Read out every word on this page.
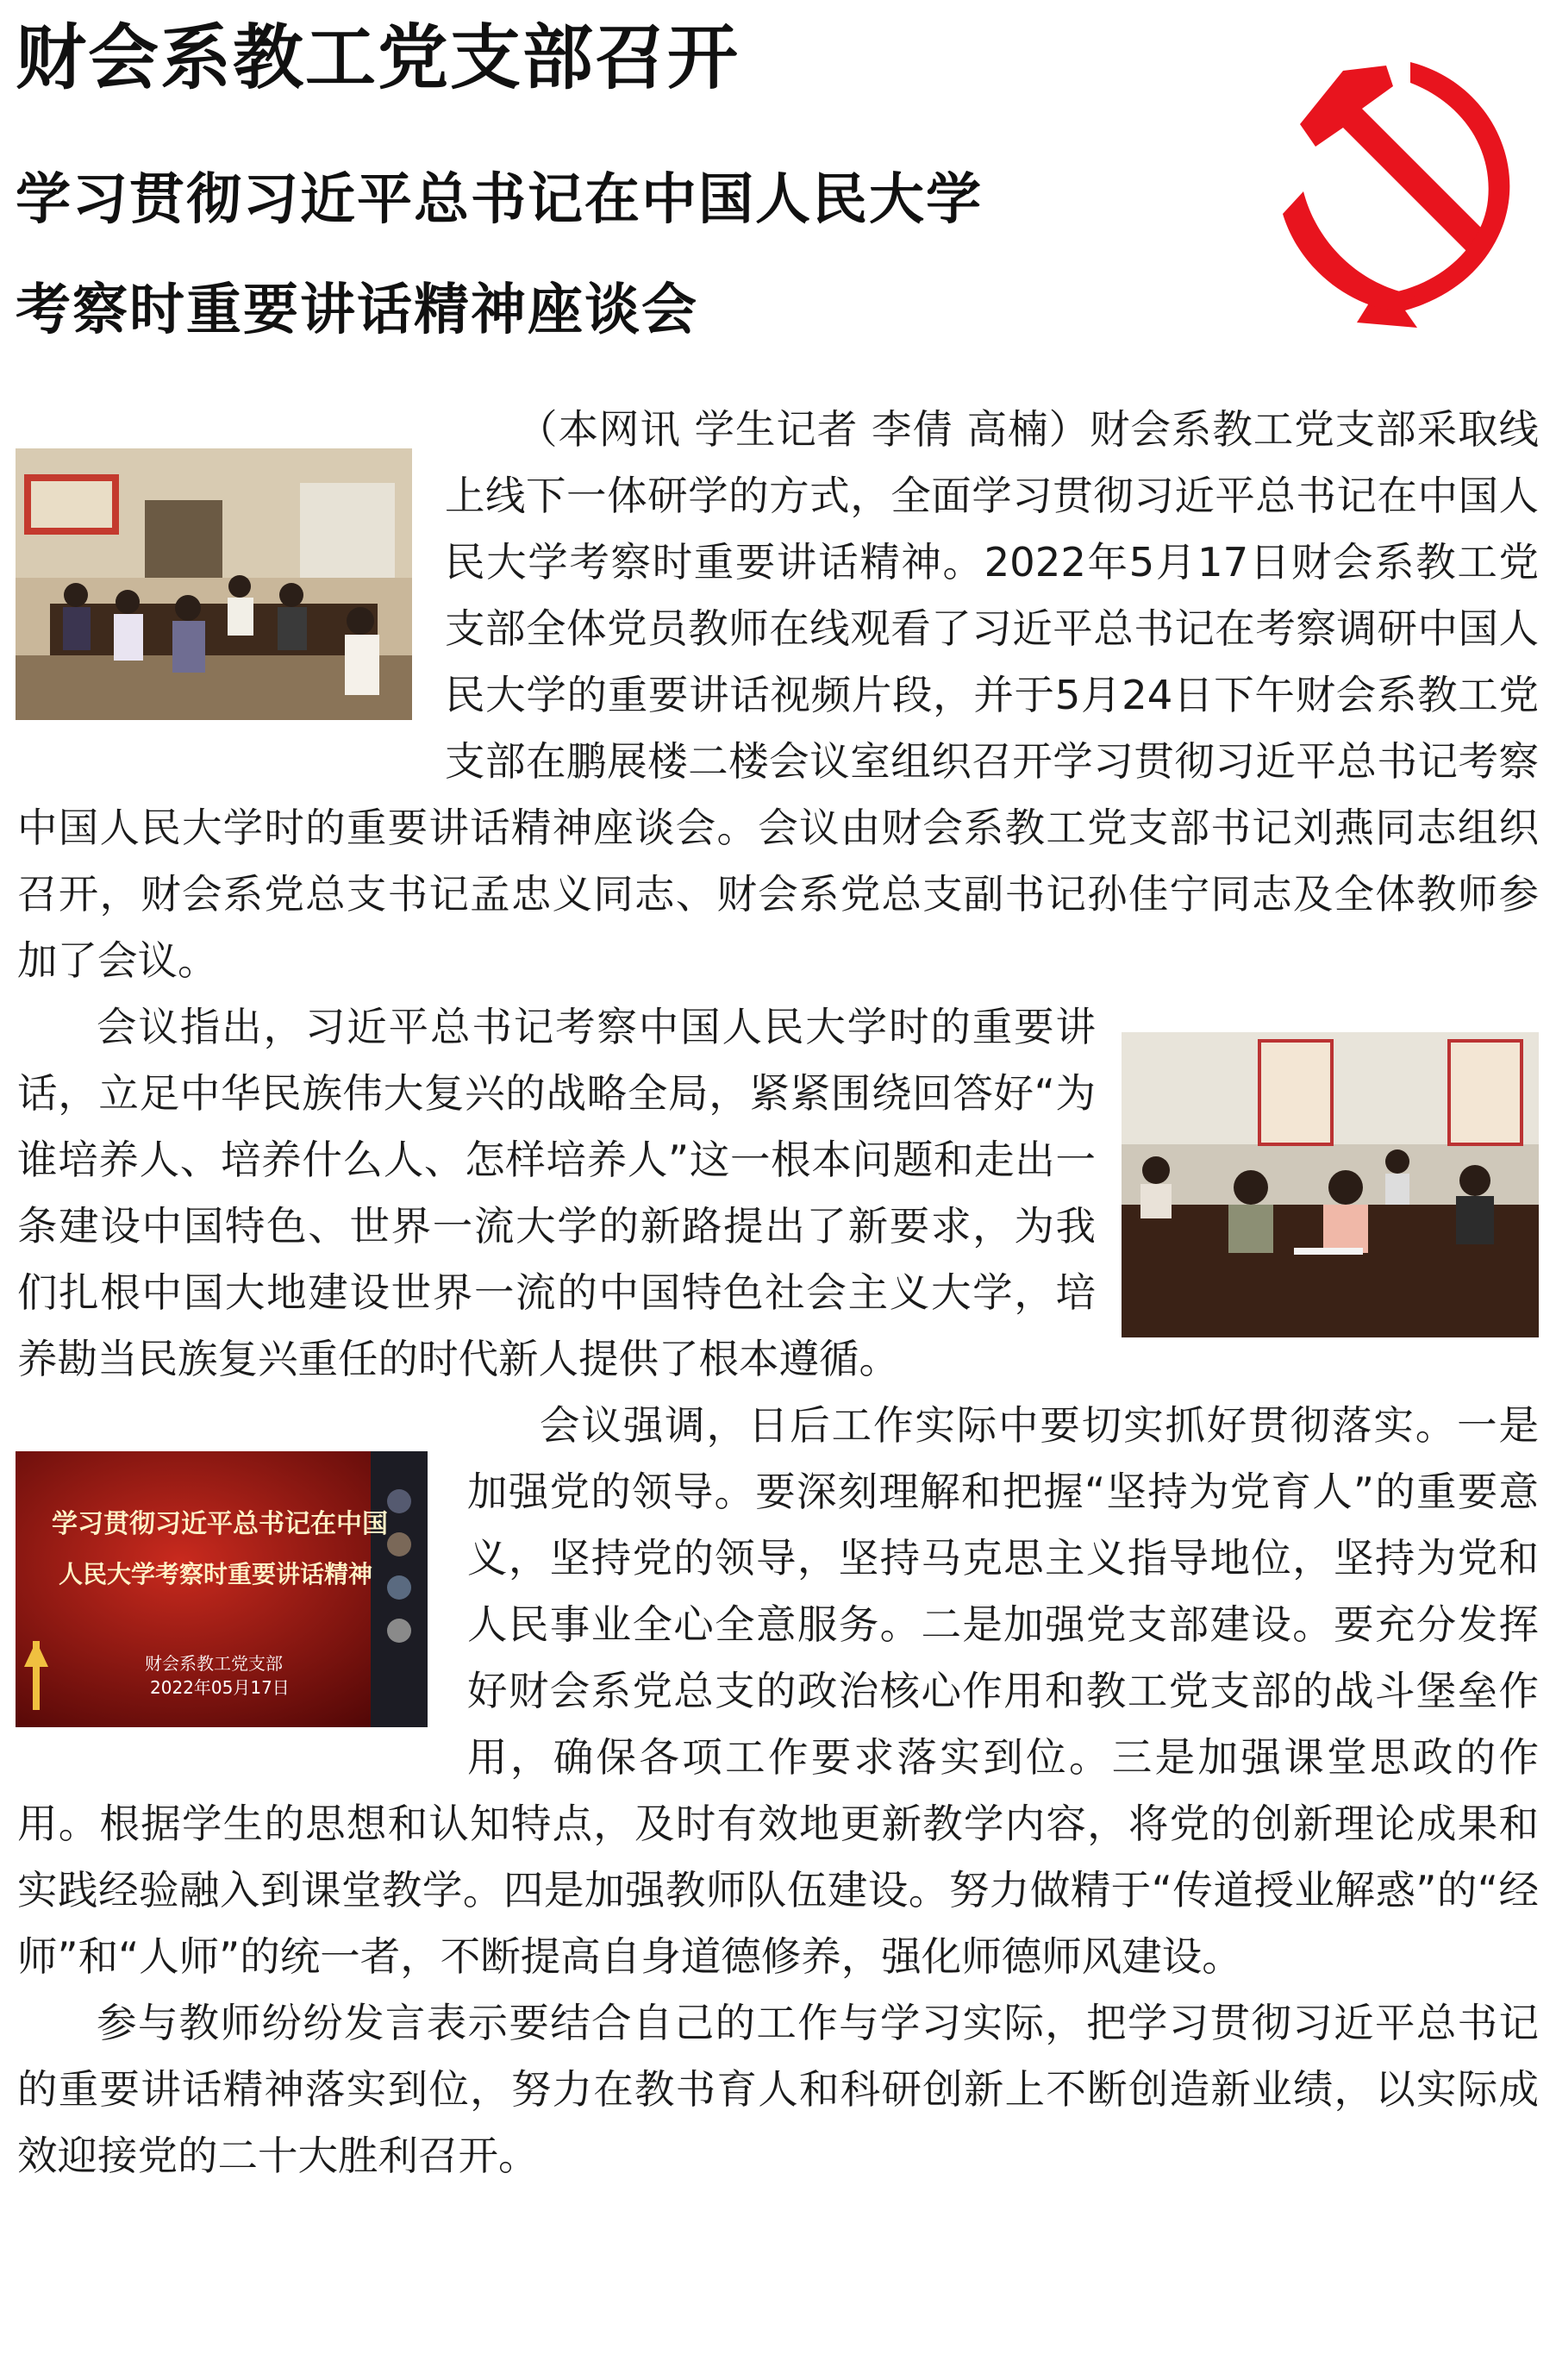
财会系教工党支部召开
学习贯彻习近平总书记在中国人民大学
考察时重要讲话精神座谈会

（本网讯 学生记者 李倩 高楠）财会系教工党支部采取线上线下一体研学的方式，全面学习贯彻习近平总书记在中国人民大学考察时重要讲话精神。2022年5月17日财会系教工党支部全体党员教师在线观看了习近平总书记在考察调研中国人民大学的重要讲话视频片段，并于5月24日下午财会系教工党支部在鹏展楼二楼会议室组织召开学习贯彻习近平总书记考察中国人民大学时的重要讲话精神座谈会。会议由财会系教工党支部书记刘燕同志组织召开，财会系党总支书记孟忠义同志、财会系党总支副书记孙佳宁同志及全体教师参加了会议。

会议指出，习近平总书记考察中国人民大学时的重要讲话，立足中华民族伟大复兴的战略全局，紧紧围绕回答好“为谁培养人、培养什么人、怎样培养人”这一根本问题和走出一条建设中国特色、世界一流大学的新路提出了新要求，为我们扎根中国大地建设世界一流的中国特色社会主义大学，培养勘当民族复兴重任的时代新人提供了根本遵循。

学习贯彻习近平总书记在中国
人民大学考察时重要讲话精神
财会系教工党支部
2022年05月17日

会议强调，日后工作实际中要切实抓好贯彻落实。一是加强党的领导。要深刻理解和把握“坚持为党育人”的重要意义，坚持党的领导，坚持马克思主义指导地位，坚持为党和人民事业全心全意服务。二是加强党支部建设。要充分发挥好财会系党总支的政治核心作用和教工党支部的战斗堡垒作用，确保各项工作要求落实到位。三是加强课堂思政的作用。根据学生的思想和认知特点，及时有效地更新教学内容，将党的创新理论成果和实践经验融入到课堂教学。四是加强教师队伍建设。努力做精于“传道授业解惑”的“经师”和“人师”的统一者，不断提高自身道德修养，强化师德师风建设。

参与教师纷纷发言表示要结合自己的工作与学习实际，把学习贯彻习近平总书记的重要讲话精神落实到位，努力在教书育人和科研创新上不断创造新业绩，以实际成效迎接党的二十大胜利召开。
